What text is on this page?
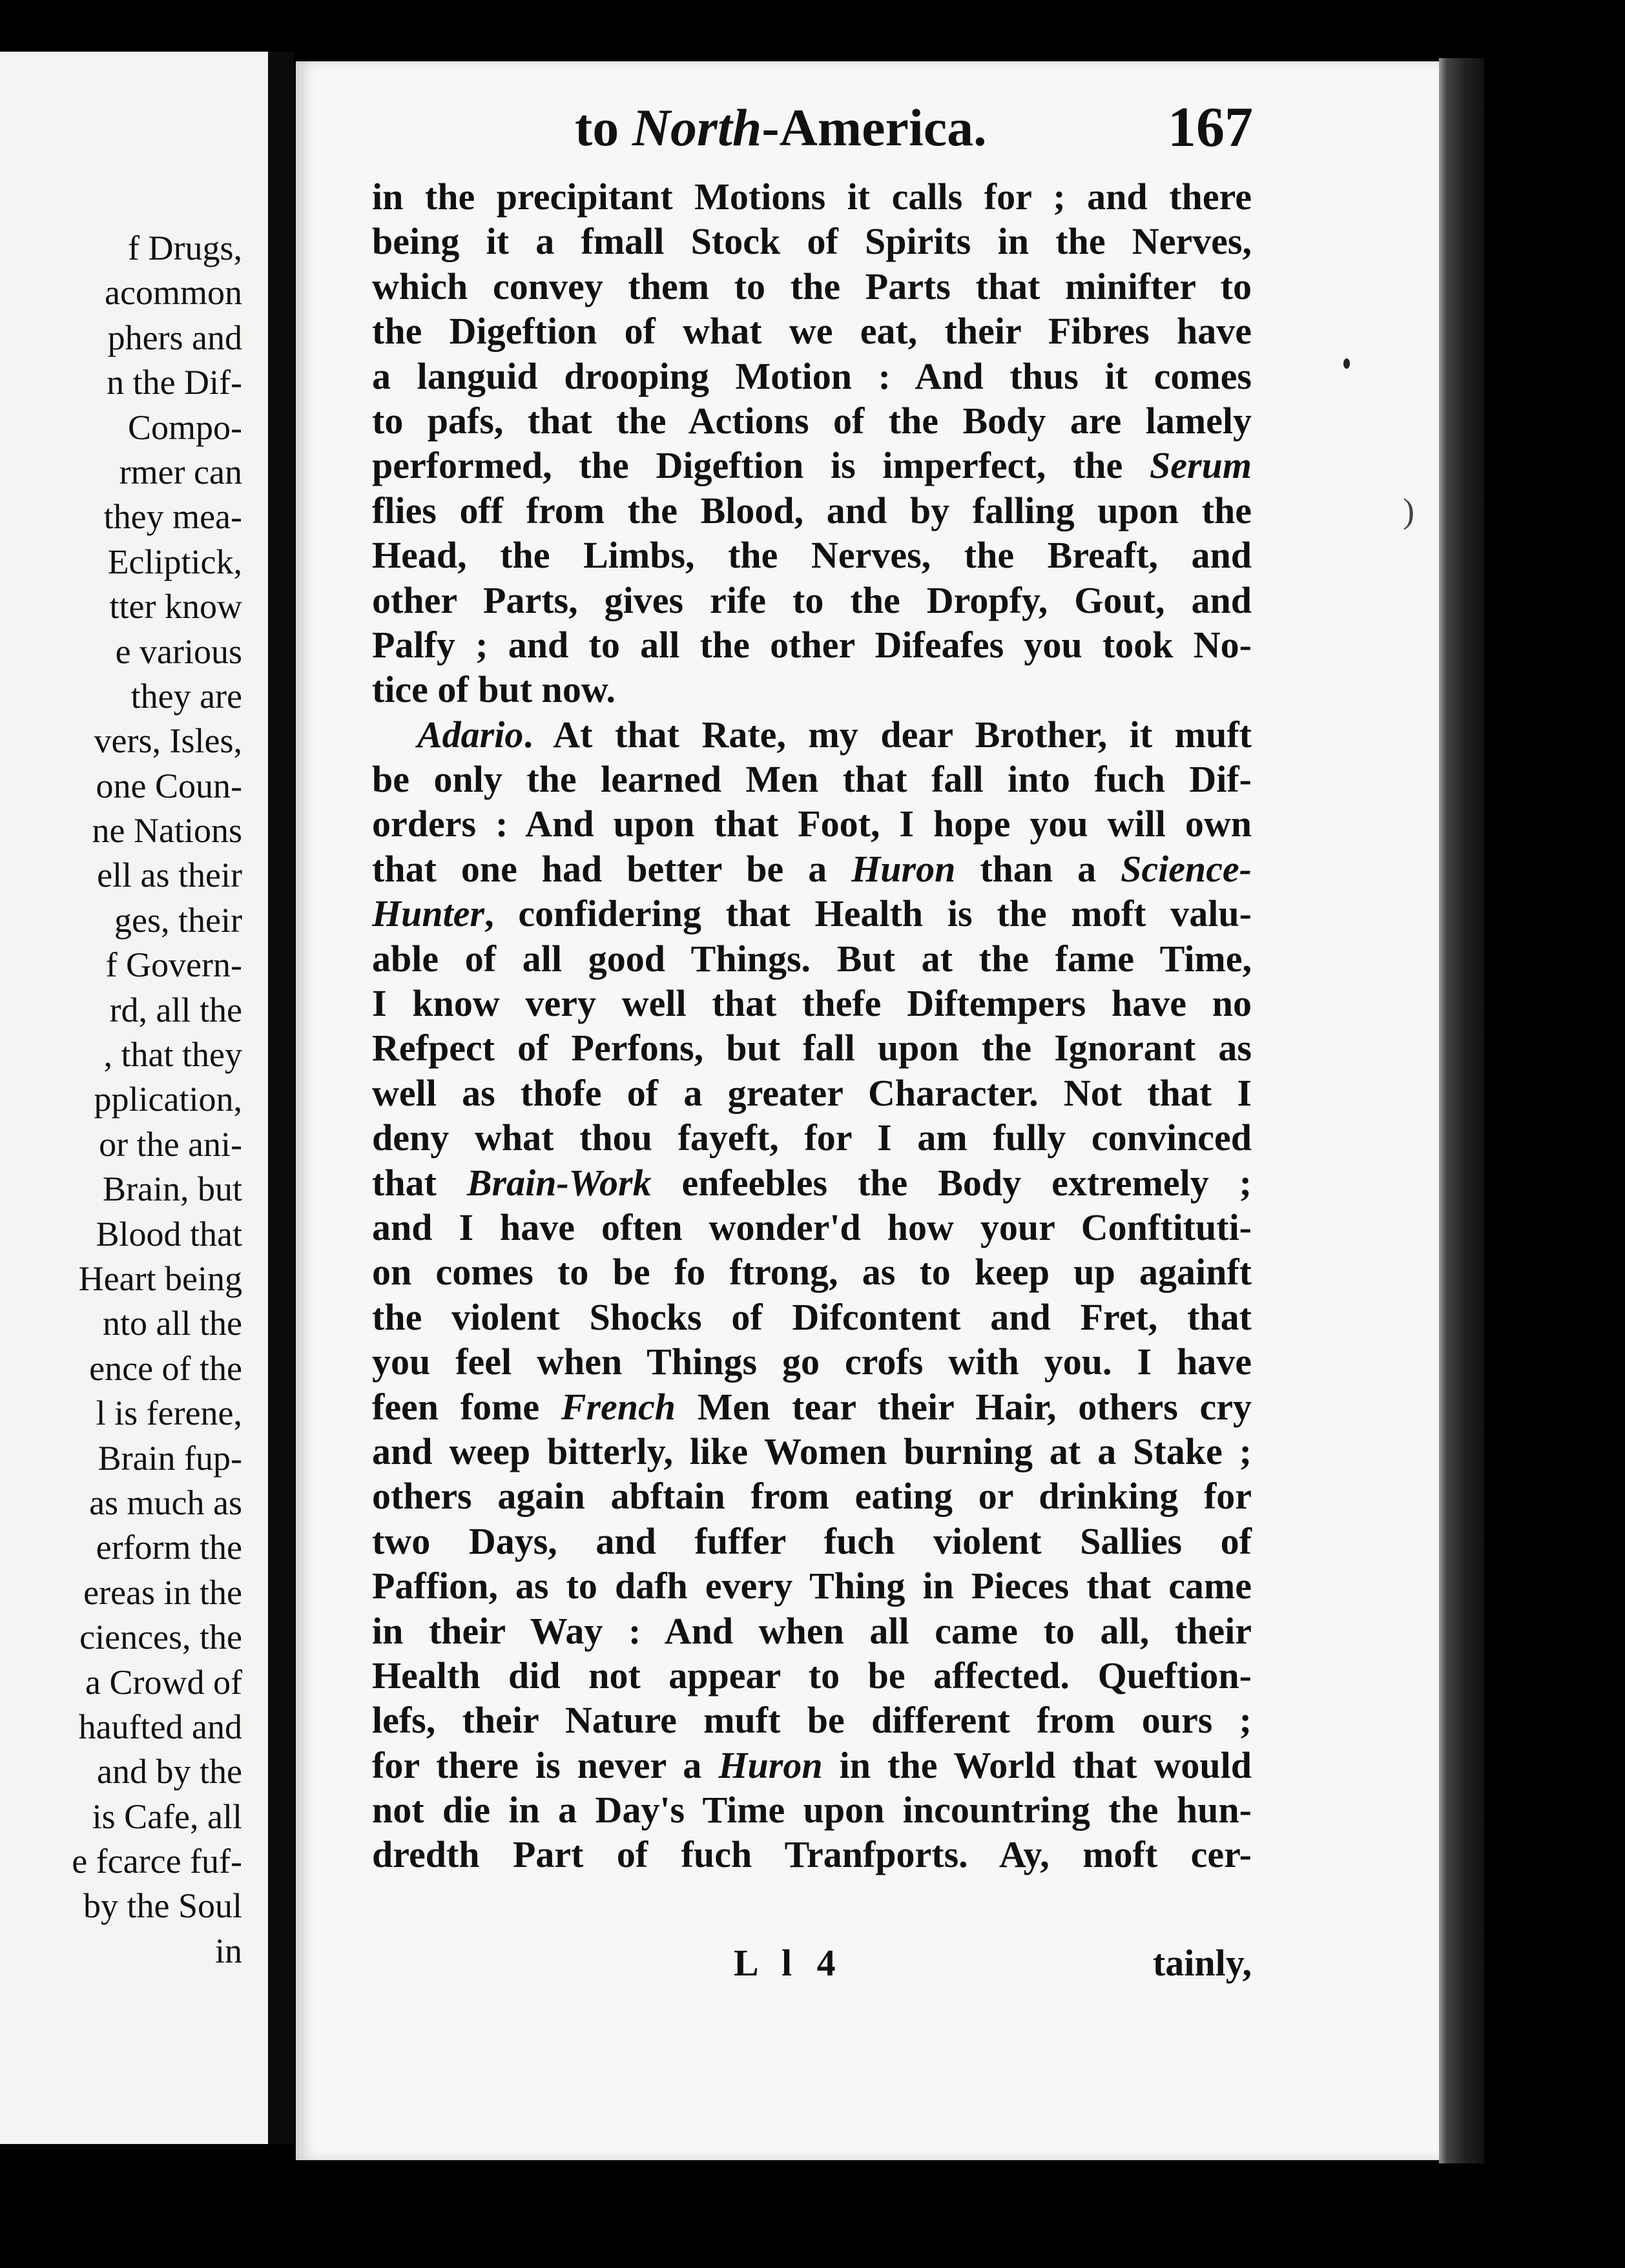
f Drugs,
acommon
phers and
n the Dif-
Compo-
rmer can
they mea-
Ecliptick,
tter know
e various
they are
vers, Isles,
one Coun-
ne Nations
ell as their
ges, their
f Govern-
rd, all the
, that they
pplication,
or the ani-
Brain, but
Blood that
Heart being
nto all the
ence of the
l is ferene,
Brain fup-
as much as
erform the
ereas in the
ciences, the
a Crowd of
haufted and
and by the
is Cafe, all
e fcarce fuf-
by the Soul
in
to North-America.	167
in the precipitant Motions it calls for ; and there
being it a fmall Stock of Spirits in the Nerves,
which convey them to the Parts that minifter to
the Digeftion of what we eat, their Fibres have
a languid drooping Motion : And thus it comes
to pafs, that the Actions of the Body are lamely
performed, the Digeftion is imperfect, the Serum
flies off from the Blood, and by falling upon the
Head, the Limbs, the Nerves, the Breaft, and
other Parts, gives rife to the Dropfy, Gout, and
Palfy ; and to all the other Difeafes you took No-
tice of but now.
Adario. At that Rate, my dear Brother, it muft
be only the learned Men that fall into fuch Dif-
orders : And upon that Foot, I hope you will own
that one had better be a Huron than a Science-
Hunter, confidering that Health is the moft valu-
able of all good Things. But at the fame Time,
I know very well that thefe Diftempers have no
Refpect of Perfons, but fall upon the Ignorant as
well as thofe of a greater Character. Not that I
deny what thou fayeft, for I am fully convinced
that Brain-Work enfeebles the Body extremely ;
and I have often wonder'd how your Conftituti-
on comes to be fo ftrong, as to keep up againft
the violent Shocks of Difcontent and Fret, that
you feel when Things go crofs with you. I have
feen fome French Men tear their Hair, others cry
and weep bitterly, like Women burning at a Stake ;
others again abftain from eating or drinking for
two Days, and fuffer fuch violent Sallies of
Paffion, as to dafh every Thing in Pieces that came
in their Way : And when all came to all, their
Health did not appear to be affected. Queftion-
lefs, their Nature muft be different from ours ;
for there is never a Huron in the World that would
not die in a Day's Time upon incountring the hun-
dredth Part of fuch Tranfports. Ay, moft cer-
L l 4	tainly,
)
